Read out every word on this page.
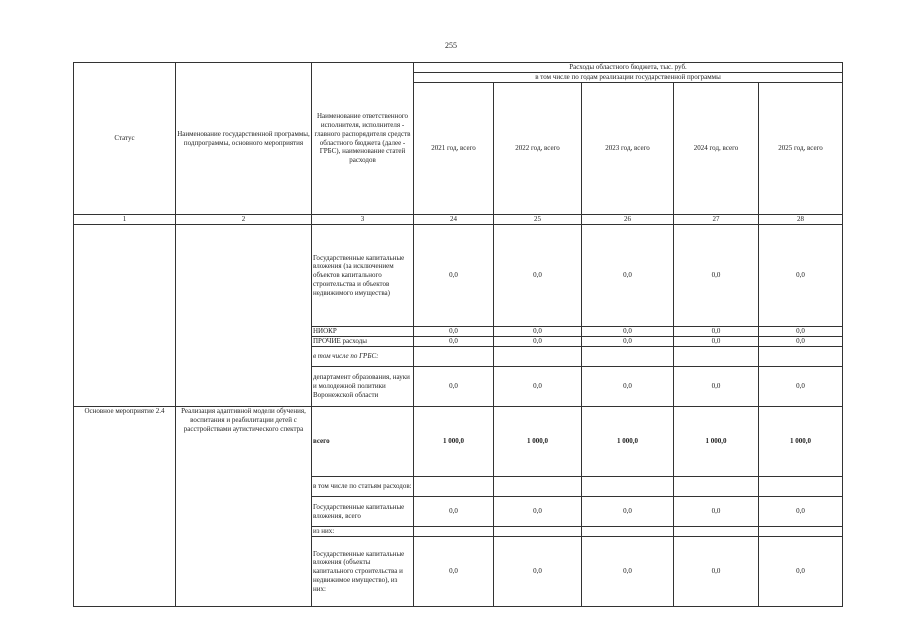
255
Статус	Наименование государственной программы, подпрограммы, основного мероприятия	Наименование ответственного исполнителя, исполнителя - главного распорядителя средств областного бюджета (далее - ГРБС), наименование статей расходов	Расходы областного бюджета, тыс. руб.				
			в том числе по годам реализации государственной программы				
			2021 год, всего	2022 год, всего	2023 год, всего	2024 год, всего	2025 год, всего
1	2	3	24	25	26	27	28
		Государственные капитальные вложения (за исключением объектов капитального строительства и объектов недвижимого имущества)	0,0	0,0	0,0	0,0	0,0
		НИОКР	0,0	0,0	0,0	0,0	0,0
		ПРОЧИЕ расходы	0,0	0,0	0,0	0,0	0,0
		в том числе по ГРБС:					
		департамент образования, науки и молодежной политики Воронежской области	0,0	0,0	0,0	0,0	0,0
Основное мероприятие 2.4	Реализация адаптивной модели обучения, воспитания и реабилитации детей с расстройствами аутистического спектра	всего	1 000,0	1 000,0	1 000,0	1 000,0	1 000,0
		в том числе по статьям расходов:					
		Государственные капитальные вложения, всего	0,0	0,0	0,0	0,0	0,0
		из них:					
		Государственные капитальные вложения (объекты капитального строительства и недвижимое имущество), из них:	0,0	0,0	0,0	0,0	0,0
